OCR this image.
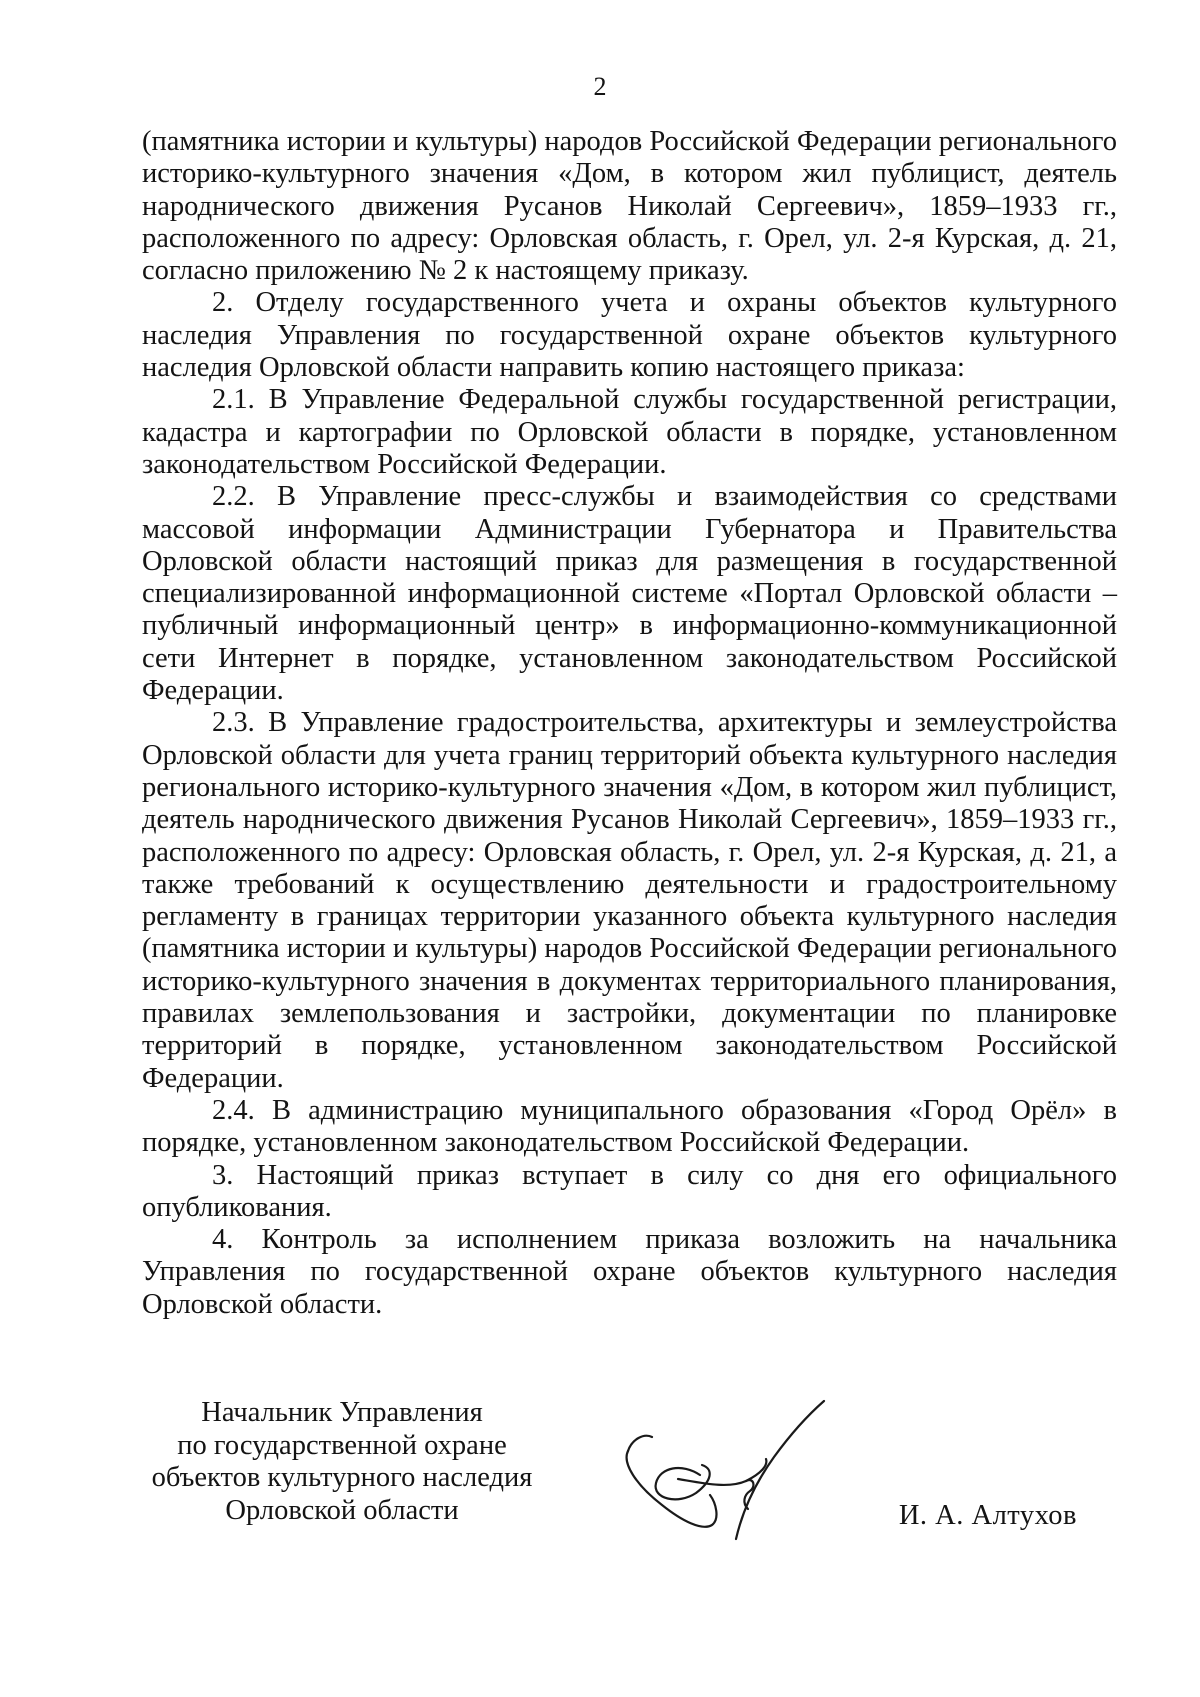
2

(памятника истории и культуры) народов Российской Федерации регионального историко-культурного значения «Дом, в котором жил публицист, деятель народнического движения Русанов Николай Сергеевич», 1859–1933 гг., расположенного по адресу: Орловская область, г. Орел, ул. 2-я Курская, д. 21, согласно приложению № 2 к настоящему приказу.

2. Отделу государственного учета и охраны объектов культурного наследия Управления по государственной охране объектов культурного наследия Орловской области направить копию настоящего приказа:

2.1. В Управление Федеральной службы государственной регистрации, кадастра и картографии по Орловской области в порядке, установленном законодательством Российской Федерации.

2.2. В Управление пресс-службы и взаимодействия со средствами массовой информации Администрации Губернатора и Правительства Орловской области настоящий приказ для размещения в государственной специализированной информационной системе «Портал Орловской области – публичный информационный центр» в информационно-коммуникационной сети Интернет в порядке, установленном законодательством Российской Федерации.

2.3. В Управление градостроительства, архитектуры и землеустройства Орловской области для учета границ территорий объекта культурного наследия регионального историко-культурного значения «Дом, в котором жил публицист, деятель народнического движения Русанов Николай Сергеевич», 1859–1933 гг., расположенного по адресу: Орловская область, г. Орел, ул. 2-я Курская, д. 21, а также требований к осуществлению деятельности и градостроительному регламенту в границах территории указанного объекта культурного наследия (памятника истории и культуры) народов Российской Федерации регионального историко-культурного значения в документах территориального планирования, правилах землепользования и застройки, документации по планировке территорий в порядке, установленном законодательством Российской Федерации.

2.4. В администрацию муниципального образования «Город Орёл» в порядке, установленном законодательством Российской Федерации.

3. Настоящий приказ вступает в силу со дня его официального опубликования.

4. Контроль за исполнением приказа возложить на начальника Управления по государственной охране объектов культурного наследия Орловской области.

Начальник Управления
по государственной охране
объектов культурного наследия
Орловской области	И. А. Алтухов
